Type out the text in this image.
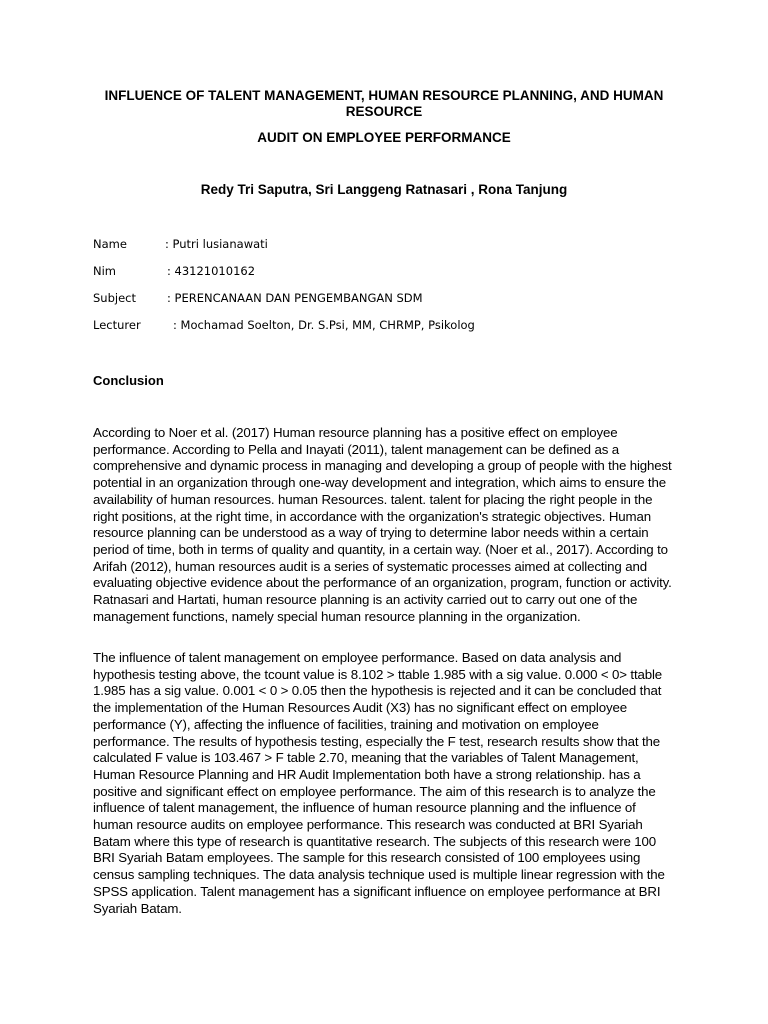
INFLUENCE OF TALENT MANAGEMENT, HUMAN RESOURCE PLANNING, AND HUMAN RESOURCE
AUDIT ON EMPLOYEE PERFORMANCE

Redy Tri Saputra, Sri Langgeng Ratnasari , Rona Tanjung

Name	: Putri lusianawati
Nim	: 43121010162
Subject	: PERENCANAAN DAN PENGEMBANGAN SDM
Lecturer	: Mochamad Soelton, Dr. S.Psi, MM, CHRMP, Psikolog
Conclusion

According to Noer et al. (2017) Human resource planning has a positive effect on employee performance. According to Pella and Inayati (2011), talent management can be defined as a comprehensive and dynamic process in managing and developing a group of people with the highest potential in an organization through one-way development and integration, which aims to ensure the availability of human resources. human Resources. talent. talent for placing the right people in the right positions, at the right time, in accordance with the organization's strategic objectives. Human resource planning can be understood as a way of trying to determine labor needs within a certain period of time, both in terms of quality and quantity, in a certain way. (Noer et al., 2017). According to Arifah (2012), human resources audit is a series of systematic processes aimed at collecting and evaluating objective evidence about the performance of an organization, program, function or activity. Ratnasari and Hartati, human resource planning is an activity carried out to carry out one of the management functions, namely special human resource planning in the organization.

The influence of talent management on employee performance. Based on data analysis and hypothesis testing above, the tcount value is 8.102 > ttable 1.985 with a sig value. 0.000 < 0> ttable 1.985 has a sig value. 0.001 < 0 > 0.05 then the hypothesis is rejected and it can be concluded that the implementation of the Human Resources Audit (X3) has no significant effect on employee performance (Y), affecting the influence of facilities, training and motivation on employee performance. The results of hypothesis testing, especially the F test, research results show that the calculated F value is 103.467 > F table 2.70, meaning that the variables of Talent Management, Human Resource Planning and HR Audit Implementation both have a strong relationship. has a positive and significant effect on employee performance. The aim of this research is to analyze the influence of talent management, the influence of human resource planning and the influence of human resource audits on employee performance. This research was conducted at BRI Syariah Batam where this type of research is quantitative research. The subjects of this research were 100 BRI Syariah Batam employees. The sample for this research consisted of 100 employees using census sampling techniques. The data analysis technique used is multiple linear regression with the SPSS application. Talent management has a significant influence on employee performance at BRI Syariah Batam.
